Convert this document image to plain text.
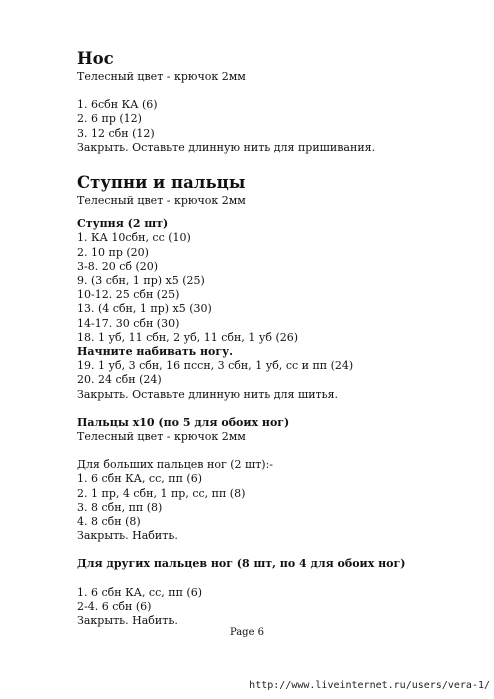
Нос
Телесный цвет - крючок 2мм
1. 6сбн КА (6)
2. 6 пр (12)
3. 12 сбн (12)
Закрыть. Оставьте длинную нить для пришивания.
Ступни и пальцы
Телесный цвет - крючок 2мм
Ступня (2 шт)
1. КА 10сбн, сс (10)
2. 10 пр (20)
3-8. 20 сб (20)
9. (3 сбн, 1 пр) x5 (25)
10-12. 25 сбн (25)
13. (4 сбн, 1 пр) x5 (30)
14-17. 30 сбн (30)
18. 1 уб, 11 сбн, 2 уб, 11 сбн, 1 уб (26)
Начните набивать ногу.
19. 1 уб, 3 сбн, 16 пссн, 3 сбн, 1 уб, сс и пп (24)
20. 24 сбн (24)
Закрыть. Оставьте длинную нить для шитья.
Пальцы x10 (по 5 для обоих ног)
Телесный цвет - крючок 2мм
Для больших пальцев ног (2 шт):-
1. 6 сбн КА, сс, пп (6)
2. 1 пр, 4 сбн, 1 пр, сс, пп (8)
3. 8 сбн, пп (8)
4. 8 сбн (8)
Закрыть. Набить.
Для других пальцев ног (8 шт, по 4 для обоих ног)
1. 6 сбн КА, сс, пп (6)
2-4. 6 сбн (6)
Закрыть. Набить.
Page 6
http://www.liveinternet.ru/users/vera-1/
